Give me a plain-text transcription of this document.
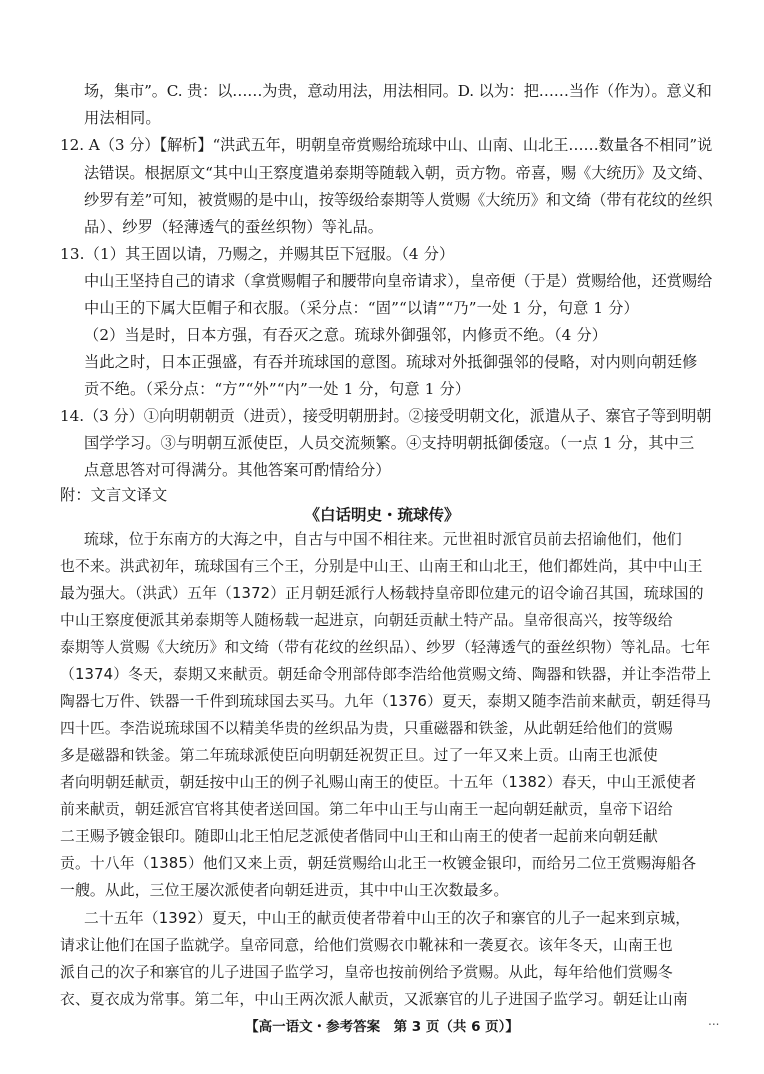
场，集市”。C. 贵：以……为贵，意动用法，用法相同。D. 以为：把……当作（作为）。意义和
用法相同。
12. A（3 分）【解析】“洪武五年，明朝皇帝赏赐给琉球中山、山南、山北王……数量各不相同”说
法错误。根据原文“其中山王察度遣弟泰期等随载入朝，贡方物。帝喜，赐《大统历》及文绮、
纱罗有差”可知，被赏赐的是中山，按等级给泰期等人赏赐《大统历》和文绮（带有花纹的丝织
品）、纱罗（轻薄透气的蚕丝织物）等礼品。
13.（1）其王固以请，乃赐之，并赐其臣下冠服。（4 分）
中山王坚持自己的请求（拿赏赐帽子和腰带向皇帝请求），皇帝便（于是）赏赐给他，还赏赐给
中山王的下属大臣帽子和衣服。（采分点：“固”“以请”“乃”一处 1 分，句意 1 分）
（2）当是时，日本方强，有吞灭之意。琉球外御强邻，内修贡不绝。（4 分）
当此之时，日本正强盛，有吞并琉球国的意图。琉球对外抵御强邻的侵略，对内则向朝廷修
贡不绝。（采分点：“方”“外”“内”一处 1 分，句意 1 分）
14.（3 分）①向明朝朝贡（进贡），接受明朝册封。②接受明朝文化，派遣从子、寨官子等到明朝
国学学习。③与明朝互派使臣，人员交流频繁。④支持明朝抵御倭寇。（一点 1 分，其中三
点意思答对可得满分。其他答案可酌情给分）
附：文言文译文
《白话明史・琉球传》
琉球，位于东南方的大海之中，自古与中国不相往来。元世祖时派官员前去招谕他们，他们
也不来。洪武初年，琉球国有三个王，分别是中山王、山南王和山北王，他们都姓尚，其中中山王
最为强大。（洪武）五年（1372）正月朝廷派行人杨载持皇帝即位建元的诏令谕召其国，琉球国的
中山王察度便派其弟泰期等人随杨载一起进京，向朝廷贡献土特产品。皇帝很高兴，按等级给
泰期等人赏赐《大统历》和文绮（带有花纹的丝织品）、纱罗（轻薄透气的蚕丝织物）等礼品。七年
（1374）冬天，泰期又来献贡。朝廷命令刑部侍郎李浩给他赏赐文绮、陶器和铁器，并让李浩带上
陶器七万件、铁器一千件到琉球国去买马。九年（1376）夏天，泰期又随李浩前来献贡，朝廷得马
四十匹。李浩说琉球国不以精美华贵的丝织品为贵，只重磁器和铁釜，从此朝廷给他们的赏赐
多是磁器和铁釜。第二年琉球派使臣向明朝廷祝贺正旦。过了一年又来上贡。山南王也派使
者向明朝廷献贡，朝廷按中山王的例子礼赐山南王的使臣。十五年（1382）春天，中山王派使者
前来献贡，朝廷派宫官将其使者送回国。第二年中山王与山南王一起向朝廷献贡，皇帝下诏给
二王赐予镀金银印。随即山北王怕尼芝派使者偕同中山王和山南王的使者一起前来向朝廷献
贡。十八年（1385）他们又来上贡，朝廷赏赐给山北王一枚镀金银印，而给另二位王赏赐海船各
一艘。从此，三位王屡次派使者向朝廷进贡，其中中山王次数最多。
二十五年（1392）夏天，中山王的献贡使者带着中山王的次子和寨官的儿子一起来到京城，
请求让他们在国子监就学。皇帝同意，给他们赏赐衣巾靴袜和一袭夏衣。该年冬天，山南王也
派自己的次子和寨官的儿子进国子监学习，皇帝也按前例给予赏赐。从此，每年给他们赏赐冬
衣、夏衣成为常事。第二年，中山王两次派人献贡，又派寨官的儿子进国子监学习。朝廷让山南
【高一语文・参考答案　第 3 页（共 6 页）】	...
